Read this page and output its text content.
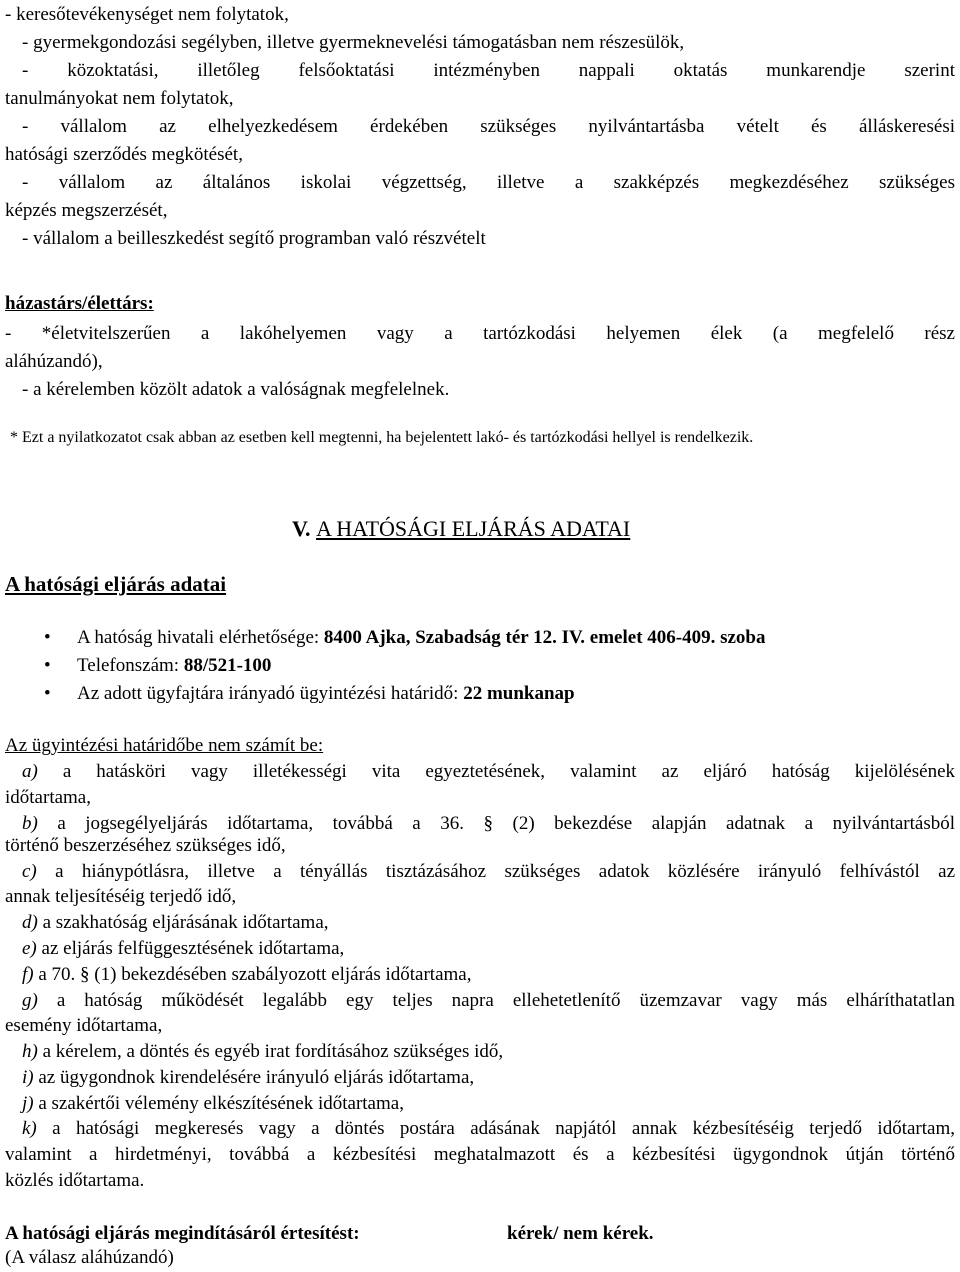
- keresőtevékenységet nem folytatok,
- gyermekgondozási segélyben, illetve gyermeknevelési támogatásban nem részesülök,
- közoktatási, illetőleg felsőoktatási intézményben nappali oktatás munkarendje szerint
tanulmányokat nem folytatok,
- vállalom az elhelyezkedésem érdekében szükséges nyilvántartásba vételt és álláskeresési
hatósági szerződés megkötését,
- vállalom az általános iskolai végzettség, illetve a szakképzés megkezdéséhez szükséges
képzés megszerzését,
- vállalom a beilleszkedést segítő programban való részvételt
házastárs/élettárs:
- *életvitelszerűen a lakóhelyemen vagy a tartózkodási helyemen élek (a megfelelő rész
aláhúzandó),
- a kérelemben közölt adatok a valóságnak megfelelnek.
* Ezt a nyilatkozatot csak abban az esetben kell megtenni, ha bejelentett lakó- és tartózkodási hellyel is rendelkezik.
V. A HATÓSÁGI ELJÁRÁS ADATAI
A hatósági eljárás adatai
• A hatóság hivatali elérhetősége: 8400 Ajka, Szabadság tér 12. IV. emelet 406-409. szoba
• Telefonszám: 88/521-100
• Az adott ügyfajtára irányadó ügyintézési határidő: 22 munkanap
Az ügyintézési határidőbe nem számít be:
a) a hatásköri vagy illetékességi vita egyeztetésének, valamint az eljáró hatóság kijelölésének
időtartama,
b) a jogsegélyeljárás időtartama, továbbá a 36. § (2) bekezdése alapján adatnak a nyilvántartásból
történő beszerzéséhez szükséges idő,
c) a hiánypótlásra, illetve a tényállás tisztázásához szükséges adatok közlésére irányuló felhívástól az
annak teljesítéséig terjedő idő,
d) a szakhatóság eljárásának időtartama,
e) az eljárás felfüggesztésének időtartama,
f) a 70. § (1) bekezdésében szabályozott eljárás időtartama,
g) a hatóság működését legalább egy teljes napra ellehetetlenítő üzemzavar vagy más elháríthatatlan
esemény időtartama,
h) a kérelem, a döntés és egyéb irat fordításához szükséges idő,
i) az ügygondnok kirendelésére irányuló eljárás időtartama,
j) a szakértői vélemény elkészítésének időtartama,
k) a hatósági megkeresés vagy a döntés postára adásának napjától annak kézbesítéséig terjedő időtartam,
valamint a hirdetményi, továbbá a kézbesítési meghatalmazott és a kézbesítési ügygondnok útján történő
közlés időtartama.
A hatósági eljárás megindításáról értesítést:	kérek/ nem kérek.
(A válasz aláhúzandó)
